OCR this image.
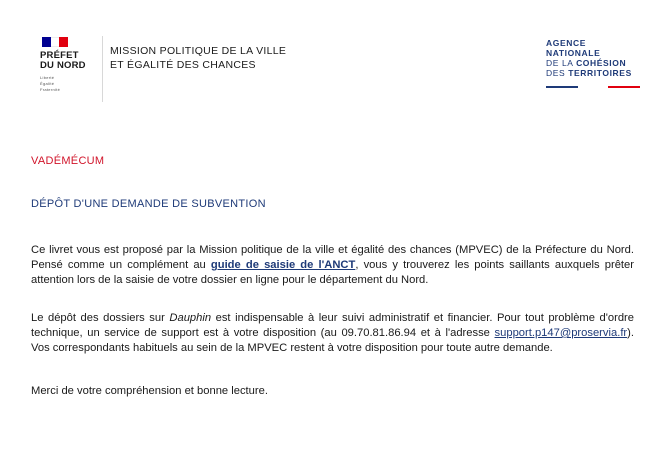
PRÉFET
DU NORD
Liberté
Égalité
Fraternité
MISSION POLITIQUE DE LA VILLE
ET ÉGALITÉ DES CHANCES
AGENCE
NATIONALE
DE LA COHÉSION
DES TERRITOIRES
VADÉMÉCUM
DÉPÔT D'UNE DEMANDE DE SUBVENTION
Ce livret vous est proposé par la Mission politique de la ville et égalité des chances (MPVEC) de la Préfecture du Nord. Pensé comme un complément au guide de saisie de l'ANCT, vous y trouverez les points saillants auxquels prêter attention lors de la saisie de votre dossier en ligne pour le département du Nord.
Le dépôt des dossiers sur Dauphin est indispensable à leur suivi administratif et financier. Pour tout problème d'ordre technique, un service de support est à votre disposition (au 09.70.81.86.94 et à l'adresse support.p147@proservia.fr). Vos correspondants habituels au sein de la MPVEC restent à votre disposition pour toute autre demande.
Merci de votre compréhension et bonne lecture.
